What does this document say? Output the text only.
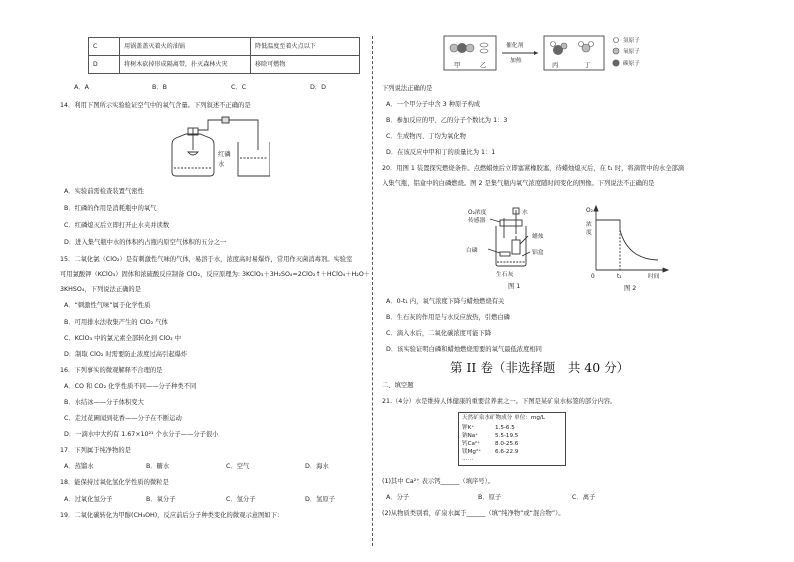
C	用锅盖盖灭着火的油锅	降低温度至着火点以下
D	将树木砍掉形成隔离带，扑灭森林火灾	移除可燃物
A．A	B．B	C．C	D．D
14．利用下图所示实验验证空气中的氧气含量。下列叙述不正确的是
红磷
水
A．实验前需检查装置气密性
B．红磷的作用是消耗瓶中的氧气
C．红磷熄灭后立即打开止水夹并读数
D．进入集气瓶中水的体积约占瓶内原空气体积的五分之一
15．二氧化氯（ClO₂）是有刺激性气味的气体，易溶于水，浓度高时易爆炸，常用作灭菌消毒剂。实验室
可用氯酸钾（KClO₃）固体和浓硫酸反应制备 ClO₂，反应原理为: 3KClO₃＋3H₂SO₄=2ClO₂↑＋HClO₄＋H₂O＋
3KHSO₄，下列说法正确的是
A．“刺激性气味”属于化学性质
B．可用排水法收集产生的 ClO₂ 气体
C．KClO₃ 中的氯元素全部转化到 ClO₂ 中
D．制取 ClO₂ 时需要防止浓度过高引起爆炸
16．下列事实的微观解释不合理的是
A．CO 和 CO₂ 化学性质不同——分子种类不同
B．水结冰——分子体积变大
C．走过花圃闻到花香——分子在不断运动
D．一滴水中大约有 1.67×10²¹ 个水分子——分子很小
17．下列属于纯净物的是
A．蒸馏水	B．糖水	C．空气	D．海水
18．能保持过氧化氢化学性质的微粒是
A．过氧化氢分子	B．氧分子	C．氢分子	D．氢原子
19．二氧化碳转化为甲醇(CH₃OH)，反应前后分子种类变化的微观示意图如下：
甲	乙
催化剂
加热
丙	丁
氢原子
氧原子
碳原子
下列说法正确的是
A．一个甲分子中含 3 种原子构成
B．参加反应的甲、乙的分子个数比为 1：3
C．生成物丙、丁均为氧化物
D．在该反应中甲和丁的质量比为 1：1
20．用图 1 装置探究燃烧条件。点燃蜡烛后立即塞紧橡胶塞，待蜡烛熄灭后，在 t₁ 时，将滴管中的水全部滴
入集气瓶，铝盒中的白磷燃烧。图 2 是集气瓶内氧气浓度随时间变化的图像。下列说法不正确的是
O₂浓度
传感器
水
蜡烛
白磷	铝盒
生石灰
图 1
O₂
浓
度
0	t₁	时间
图 2
A．0-t₁ 内，氧气浓度下降与蜡烛燃烧有关
B．生石灰的作用是与水反应放热，引燃白磷
C．滴入水后，二氧化碳浓度可能下降
D．该实验证明白磷和蜡烛燃烧需要的氧气最低浓度相同
第 II 卷（非选择题　共 40 分）
二、填空题
21.（4分）水是维持人体健康的重要营养素之一。下图是某矿泉水标签的部分内容。
天然矿泉水矿物成分 单位：mg/L
钾K⁺	1.5-6.5
钠Na⁺	5.5-19.5
钙Ca²⁺	8.0-25.6
镁Mg²⁺ 6.6-22.9
……
(1)其中 Ca²⁺ 表示钙______（填序号）。
A．分子	B．原子	C．离子
(2)从物质类别看，矿泉水属于______（填“纯净物”或“混合物”）。
